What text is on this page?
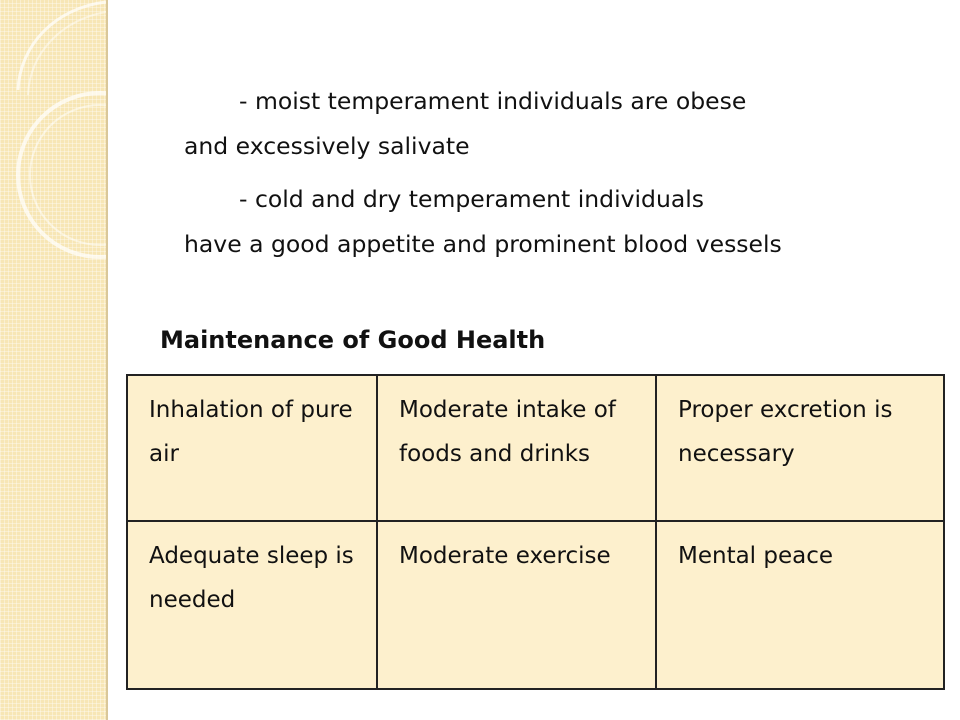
- moist temperament individuals are obese
and excessively salivate

- cold and dry temperament individuals
have a good appetite and prominent blood vessels

Maintenance of Good Health
Inhalation of pure air	Moderate intake of foods and drinks	Proper excretion is necessary
Adequate sleep is needed	Moderate exercise	Mental peace
